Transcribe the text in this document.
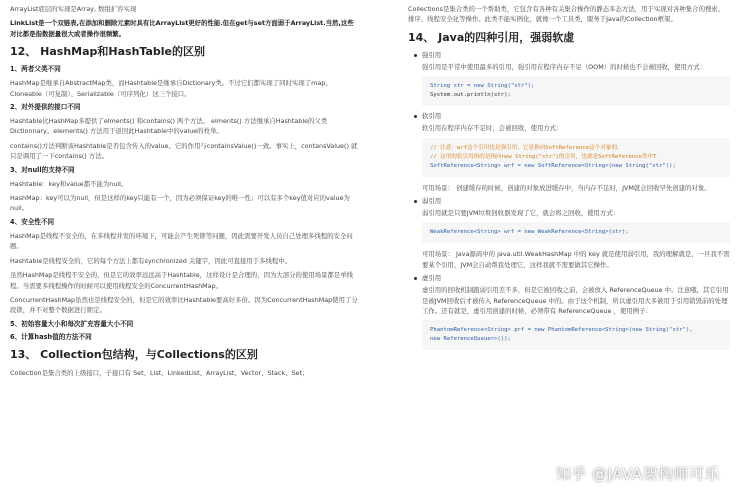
ArrayList底层的实现是Array, 数组扩容实现

LinkList是一个双链表,在添加和删除元素时具有比ArrayList更好的性能.但在get与set方面弱于ArrayList.当然,这些对比都是指数据量很大或者操作很频繁。

12、 HashMap和HashTable的区别
1、两者父类不同

HashMap是继承自AbstractMap类，而Hashtable是继承自Dictionary类。不过它们都实现了同时实现了map、Cloneable（可复制）、Serializable（可序列化）这三个接口。

2、对外提供的接口不同

Hashtable比HashMap多提供了elments() 和contains() 两个方法。 elments() 方法继承自Hashtable的父类Dictionnary。elements() 方法用于返回此Hashtable中的value的枚举。

contains()方法判断该Hashtable是否包含传入的value。它的作用与containsValue()一致。事实上，contansValue() 就只是调用了一下contains() 方法。

3、对null的支持不同

Hashtable：key和value都不能为null。

HashMap：key可以为null，但是这样的key只能有一个，因为必须保证key的唯一性；可以有多个key值对应的value为null。

4、安全性不同

HashMap是线程不安全的，在多线程并发的环境下，可能会产生死锁等问题，因此需要开发人员自己处理多线程的安全问题。

Hashtable是线程安全的，它的每个方法上都有synchronized 关键字，因此可直接用于多线程中。

虽然HashMap是线程不安全的，但是它的效率远远高于Hashtable，这样设计是合理的，因为大部分的使用场景都是单线程。当需要多线程操作的时候可以使用线程安全的ConcurrentHashMap。

ConcurrentHashMap虽然也是线程安全的，但是它的效率比Hashtable要高好多倍。因为ConcurrentHashMap使用了分段锁，并不对整个数据进行锁定。

5、初始容量大小和每次扩充容量大小不同
6、计算hash值的方法不同
13、 Collection包结构，与Collections的区别

Collection是集合类的上级接口，子接口有 Set、List、LinkedList、ArrayList、Vector、Stack、Set；

Collections是集合类的一个帮助类，它包含有各种有关集合操作的静态多态方法，用于实现对各种集合的搜索、排序、线程安全化等操作。此类不能实例化，就像一个工具类，服务于Java的Collection框架。

14、 Java的四种引用，强弱软虚
强引用

强引用是平常中使用最多的引用，强引用在程序内存不足（OOM）的时候也不会被回收，使用方式：

String str = new String("str");
System.out.println(str);
软引用

软引用在程序内存不足时，会被回收，使用方式：

// 注意：wrf这个引用也是强引用，它是指向SoftReference这个对象的，
// 这里的软引用指的是指向new String("str")的引用，也就是SoftReference类中T
SoftReference<String> wrf = new SoftReference<String>(new String("str"));

可用场景： 创建缓存的时候，创建的对象放进缓存中，当内存不足时，JVM就会回收早先创建的对象。

弱引用

弱引用就是只要JVM垃圾回收器发现了它，就会将之回收，使用方式：

WeakReference<String> wrf = new WeakReference<String>(str);

可用场景： Java源码中的 java.util.WeakHashMap 中的 key 就是使用弱引用，我的理解就是，一旦我不需要某个引用，JVM会自动帮我处理它，这样我就不需要做其它操作。

虚引用

虚引用的回收机制跟弱引用差不多，但是它被回收之前，会被放入 ReferenceQueue 中。注意哦，其它引用是被JVM回收后才被传入 ReferenceQueue 中的。由于这个机制，所以虚引用大多被用于引用销毁前的处理工作。还有就是，虚引用创建的时候，必须带有 ReferenceQueue ，使用例子：

PhantomReference<String> prf = new PhantomReference<String>(new String("str"),
new ReferenceQueue<>());
知乎 @JAVA架构师可乐
